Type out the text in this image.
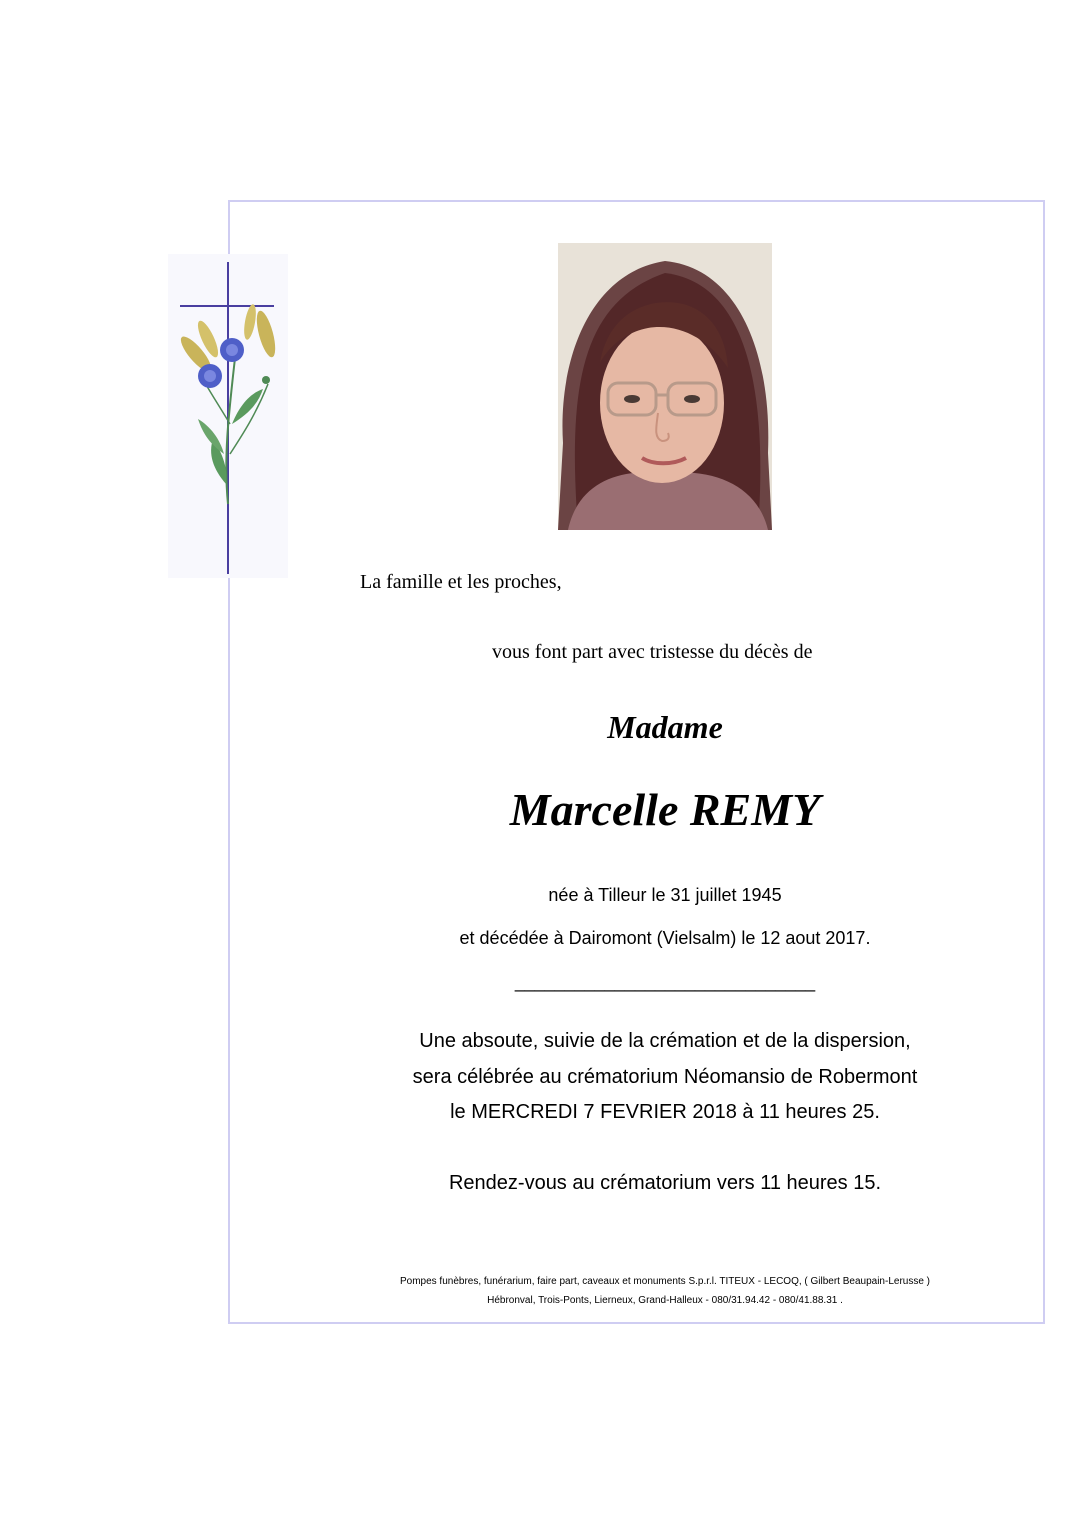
La famille et les proches,
vous font part avec tristesse du décès de
Madame
Marcelle REMY
née à Tilleur le 31 juillet 1945
et décédée à Dairomont (Vielsalm) le 12 aout 2017.
______________________________
Une absoute, suivie de la crémation et de la dispersion,
sera célébrée au crématorium Néomansio de Robermont
le MERCREDI 7 FEVRIER 2018 à 11 heures 25.
Rendez-vous au crématorium vers 11 heures 15.
Pompes funèbres, funérarium, faire part, caveaux et monuments S.p.r.l. TITEUX - LECOQ, ( Gilbert Beaupain-Lerusse )
Hébronval, Trois-Ponts, Lierneux, Grand-Halleux - 080/31.94.42 - 080/41.88.31 .
